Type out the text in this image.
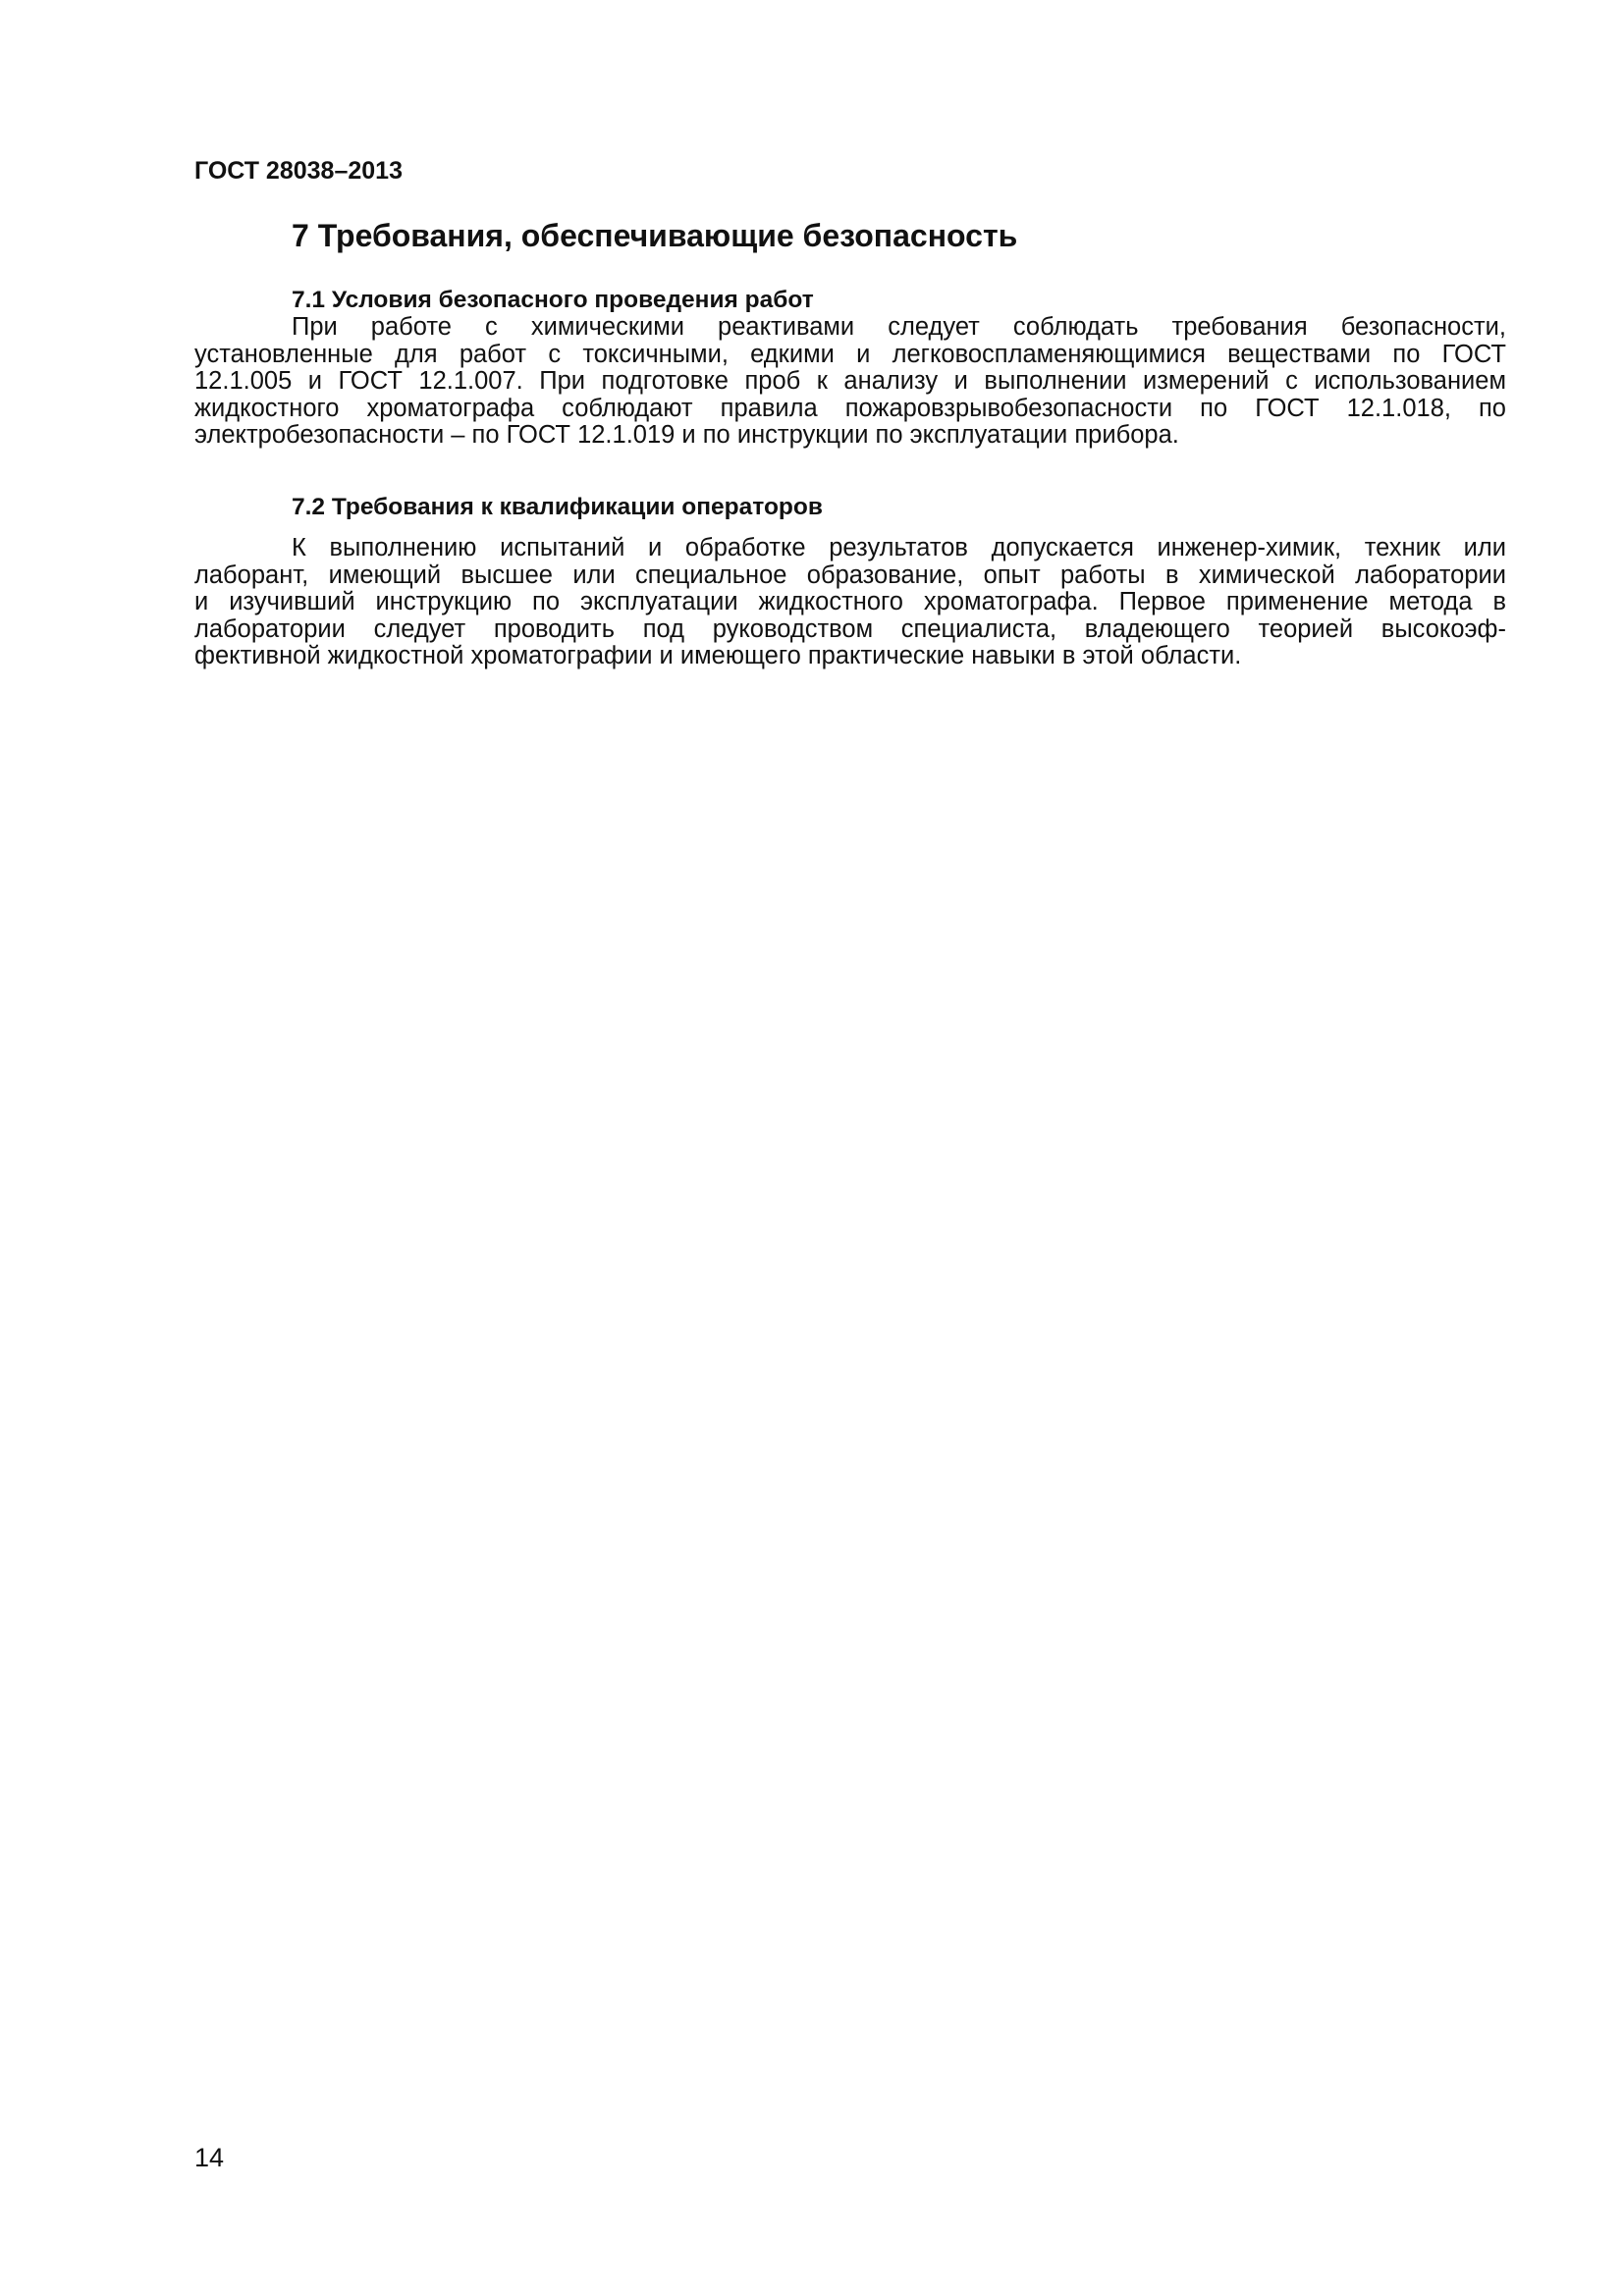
ГОСТ 28038–2013
7 Требования, обеспечивающие безопасность
7.1 Условия безопасного проведения работ
При работе с химическими реактивами следует соблюдать требования безопасности,
установленные для работ с токсичными, едкими и легковоспламеняющимися веществами по ГОСТ
12.1.005 и ГОСТ 12.1.007. При подготовке проб к анализу и выполнении измерений с использованием
жидкостного хроматографа соблюдают правила пожаровзрывобезопасности по ГОСТ 12.1.018, по
электробезопасности – по ГОСТ 12.1.019 и по инструкции по эксплуатации прибора.
7.2 Требования к квалификации операторов
К выполнению испытаний и обработке результатов допускается инженер-химик, техник или
лаборант, имеющий высшее или специальное образование, опыт работы в химической лаборатории
и изучивший инструкцию по эксплуатации жидкостного хроматографа. Первое применение метода в
лаборатории следует проводить под руководством специалиста, владеющего теорией высокоэф-
фективной жидкостной хроматографии и имеющего практические навыки в этой области.
14
